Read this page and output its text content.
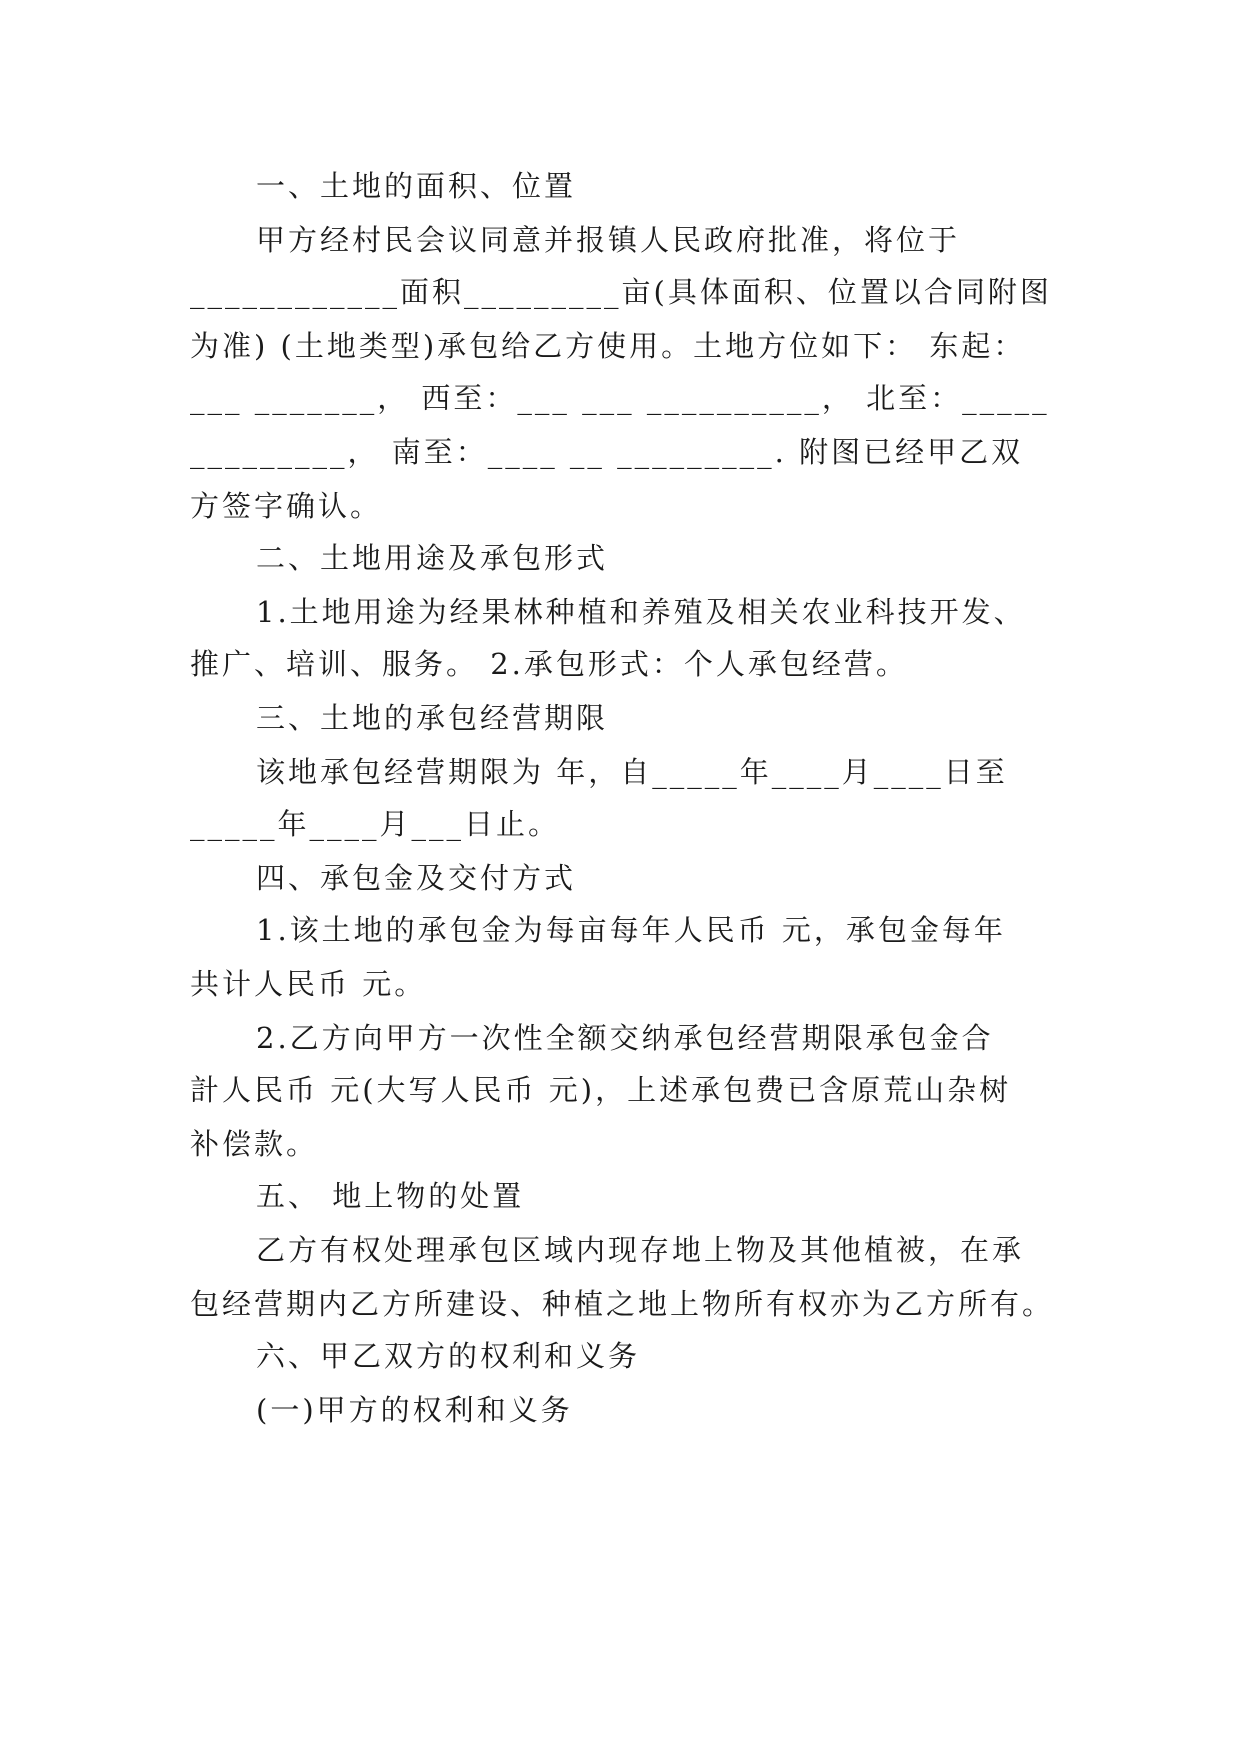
一、土地的面积、位置
甲方经村民会议同意并报镇人民政府批准，将位于
____________面积_________亩(具体面积、位置以合同附图
为准) (土地类型)承包给乙方使用。土地方位如下： 东起：
___ _______， 西至：___ ___ __________， 北至：_____
_________， 南至：____ __ _________. 附图已经甲乙双
方签字确认。
二、土地用途及承包形式
1.土地用途为经果林种植和养殖及相关农业科技开发、
推广、培训、服务。 2.承包形式：个人承包经营。
三、土地的承包经营期限
该地承包经营期限为 年，自_____年____月____日至
_____年____月___日止。
四、承包金及交付方式
1.该土地的承包金为每亩每年人民币 元，承包金每年
共计人民币 元。
2.乙方向甲方一次性全额交纳承包经营期限承包金合
計人民币 元(大写人民币 元)，上述承包费已含原荒山杂树
补偿款。
五、 地上物的处置
乙方有权处理承包区域内现存地上物及其他植被，在承
包经营期内乙方所建设、种植之地上物所有权亦为乙方所有。
六、甲乙双方的权利和义务
(一)甲方的权利和义务
